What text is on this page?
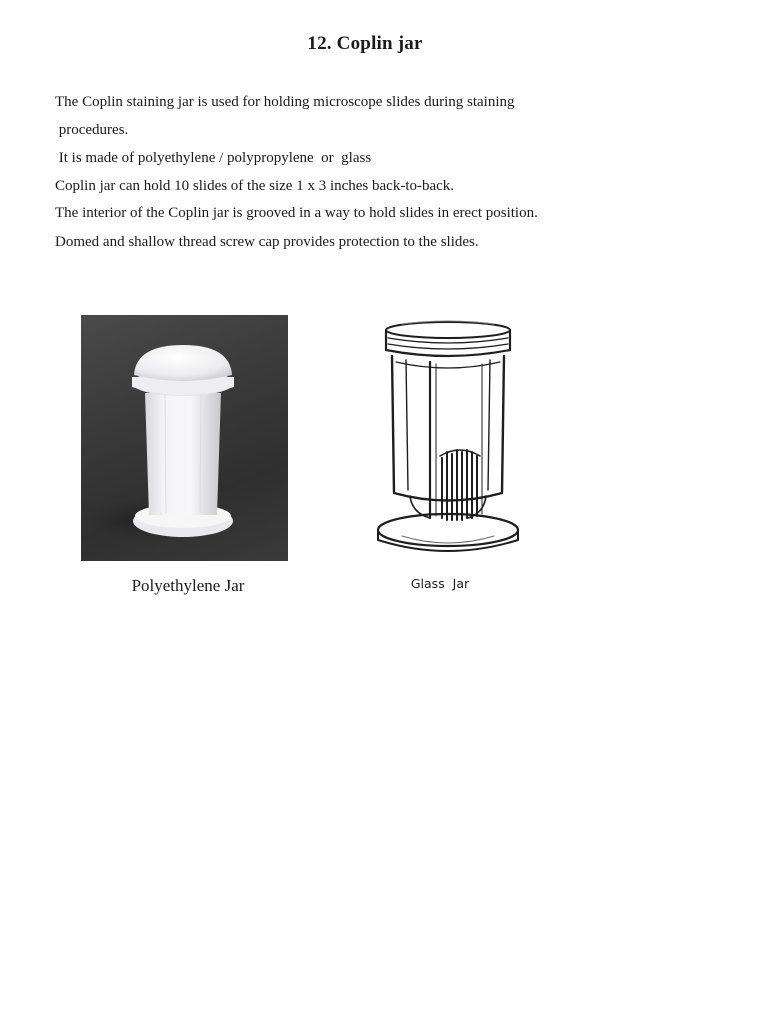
12. Coplin jar
The Coplin staining jar is used for holding microscope slides during staining
procedures.
It is made of polyethylene / polypropylene  or  glass
Coplin jar can hold 10 slides of the size 1 x 3 inches back-to-back.
The interior of the Coplin jar is grooved in a way to hold slides in erect position.
Domed and shallow thread screw cap provides protection to the slides.
Polyethylene Jar	Glass  Jar
